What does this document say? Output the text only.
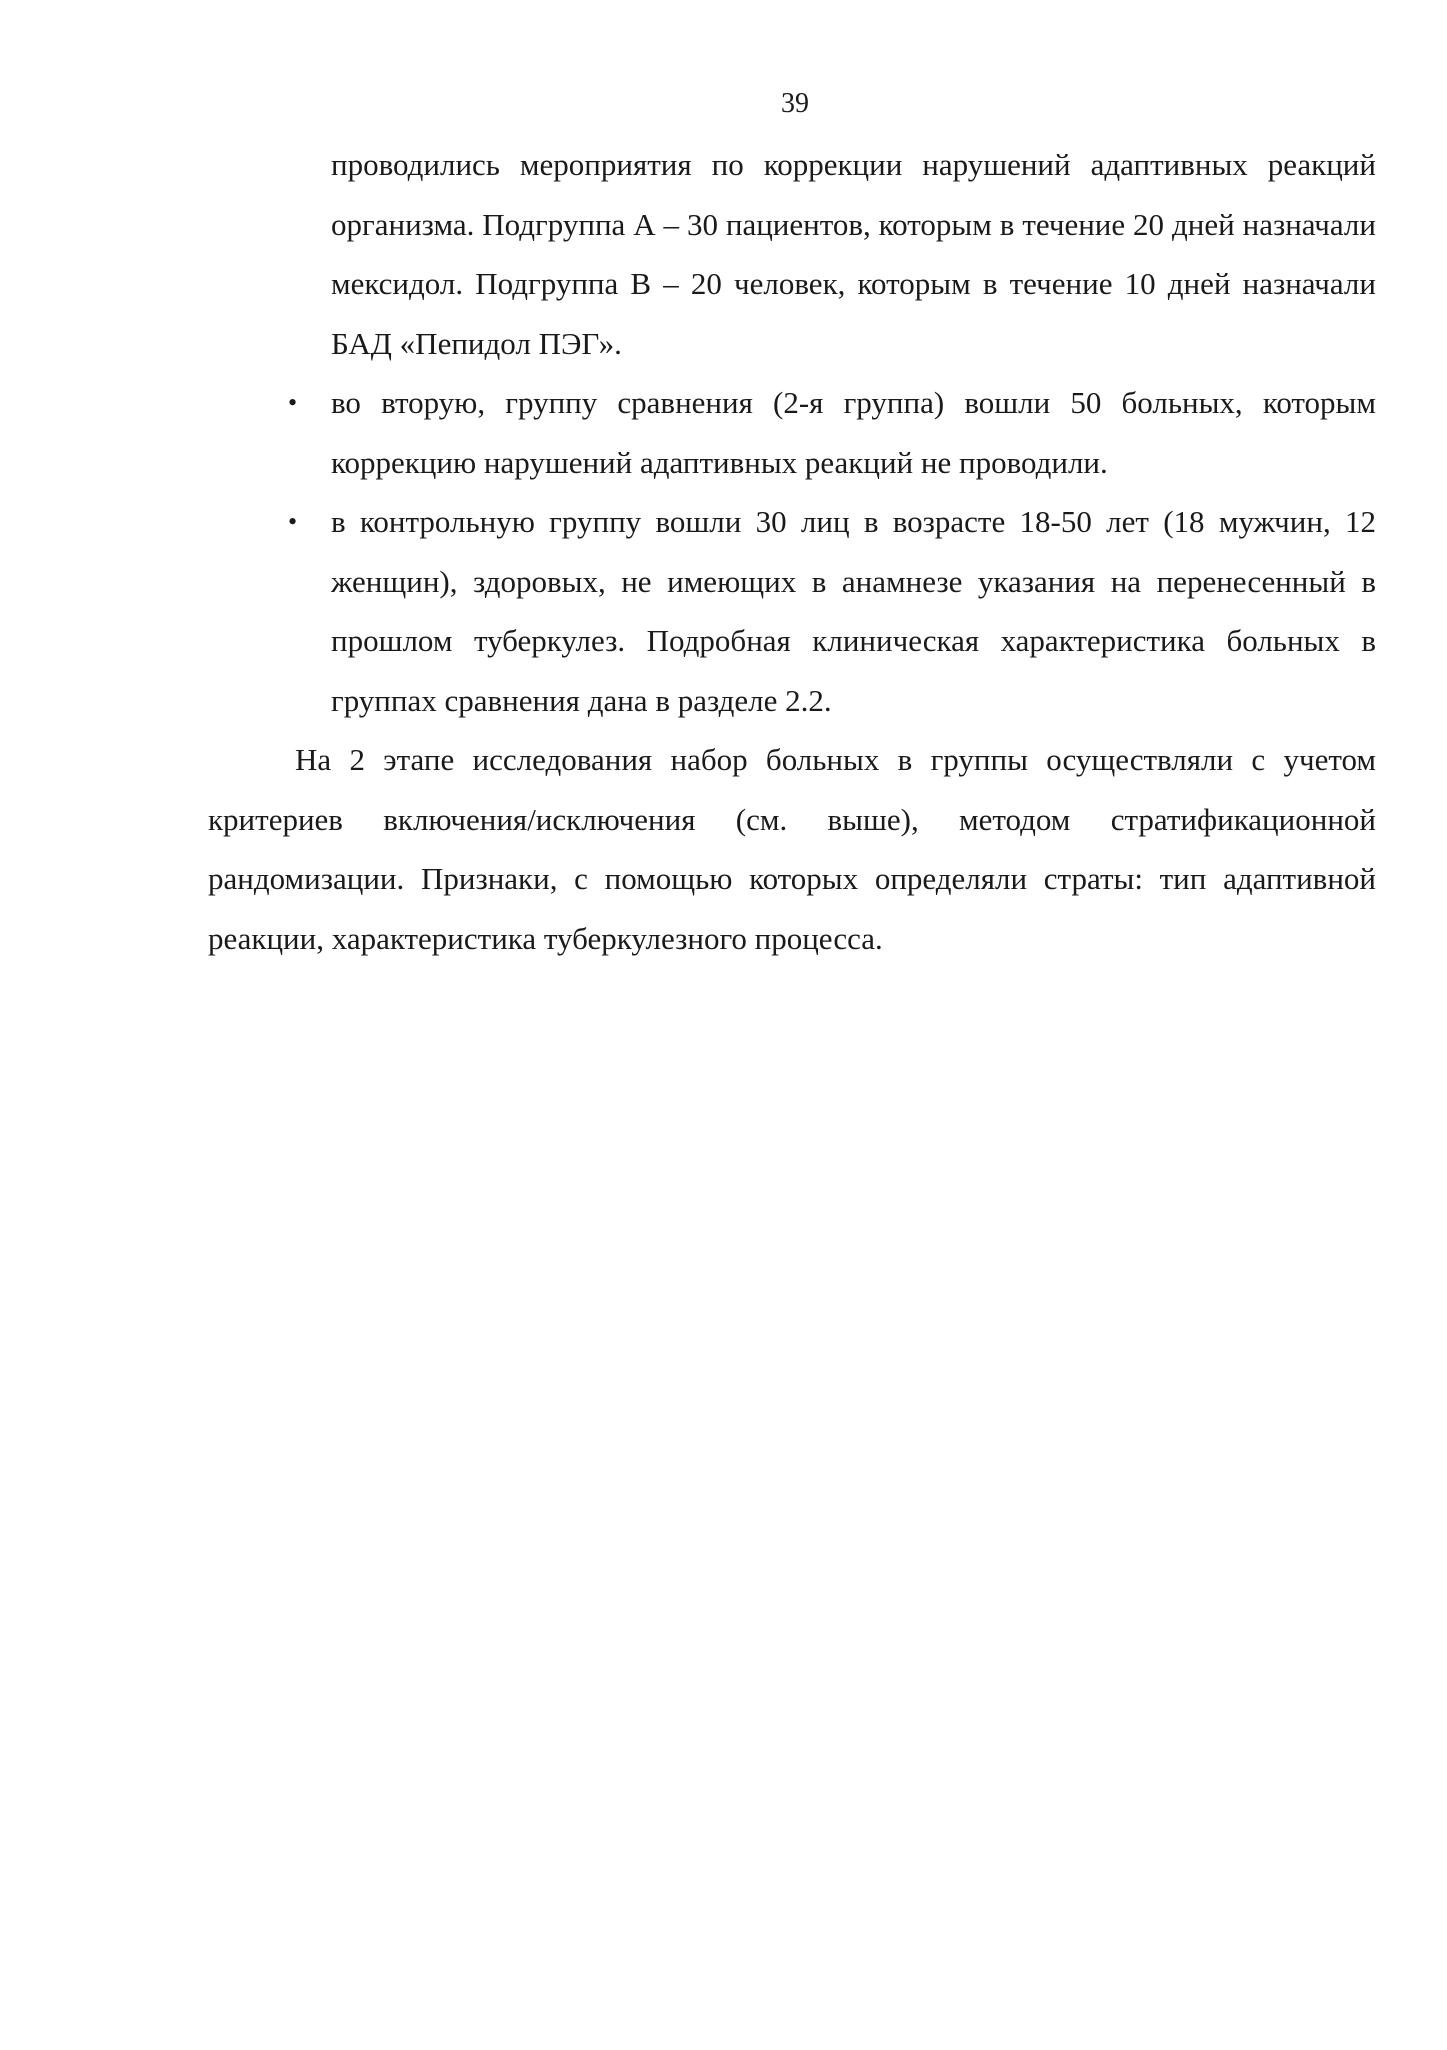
39

проводились мероприятия по коррекции нарушений адаптивных реакций организма. Подгруппа А – 30 пациентов, которым в течение 20 дней назначали мексидол. Подгруппа В – 20 человек, которым в течение 10 дней назначали БАД «Пепидол ПЭГ».

• во вторую, группу сравнения (2-я группа) вошли 50 больных, которым коррекцию нарушений адаптивных реакций не проводили.
• в контрольную группу вошли 30 лиц в возрасте 18-50 лет (18 мужчин, 12 женщин), здоровых, не имеющих в анамнезе указания на перенесенный в прошлом туберкулез. Подробная клиническая характеристика больных в группах сравнения дана в разделе 2.2.

На 2 этапе исследования набор больных в группы осуществляли с учетом критериев включения/исключения (см. выше), методом стратификационной рандомизации. Признаки, с помощью которых определяли страты: тип адаптивной реакции, характеристика туберкулезного процесса.
